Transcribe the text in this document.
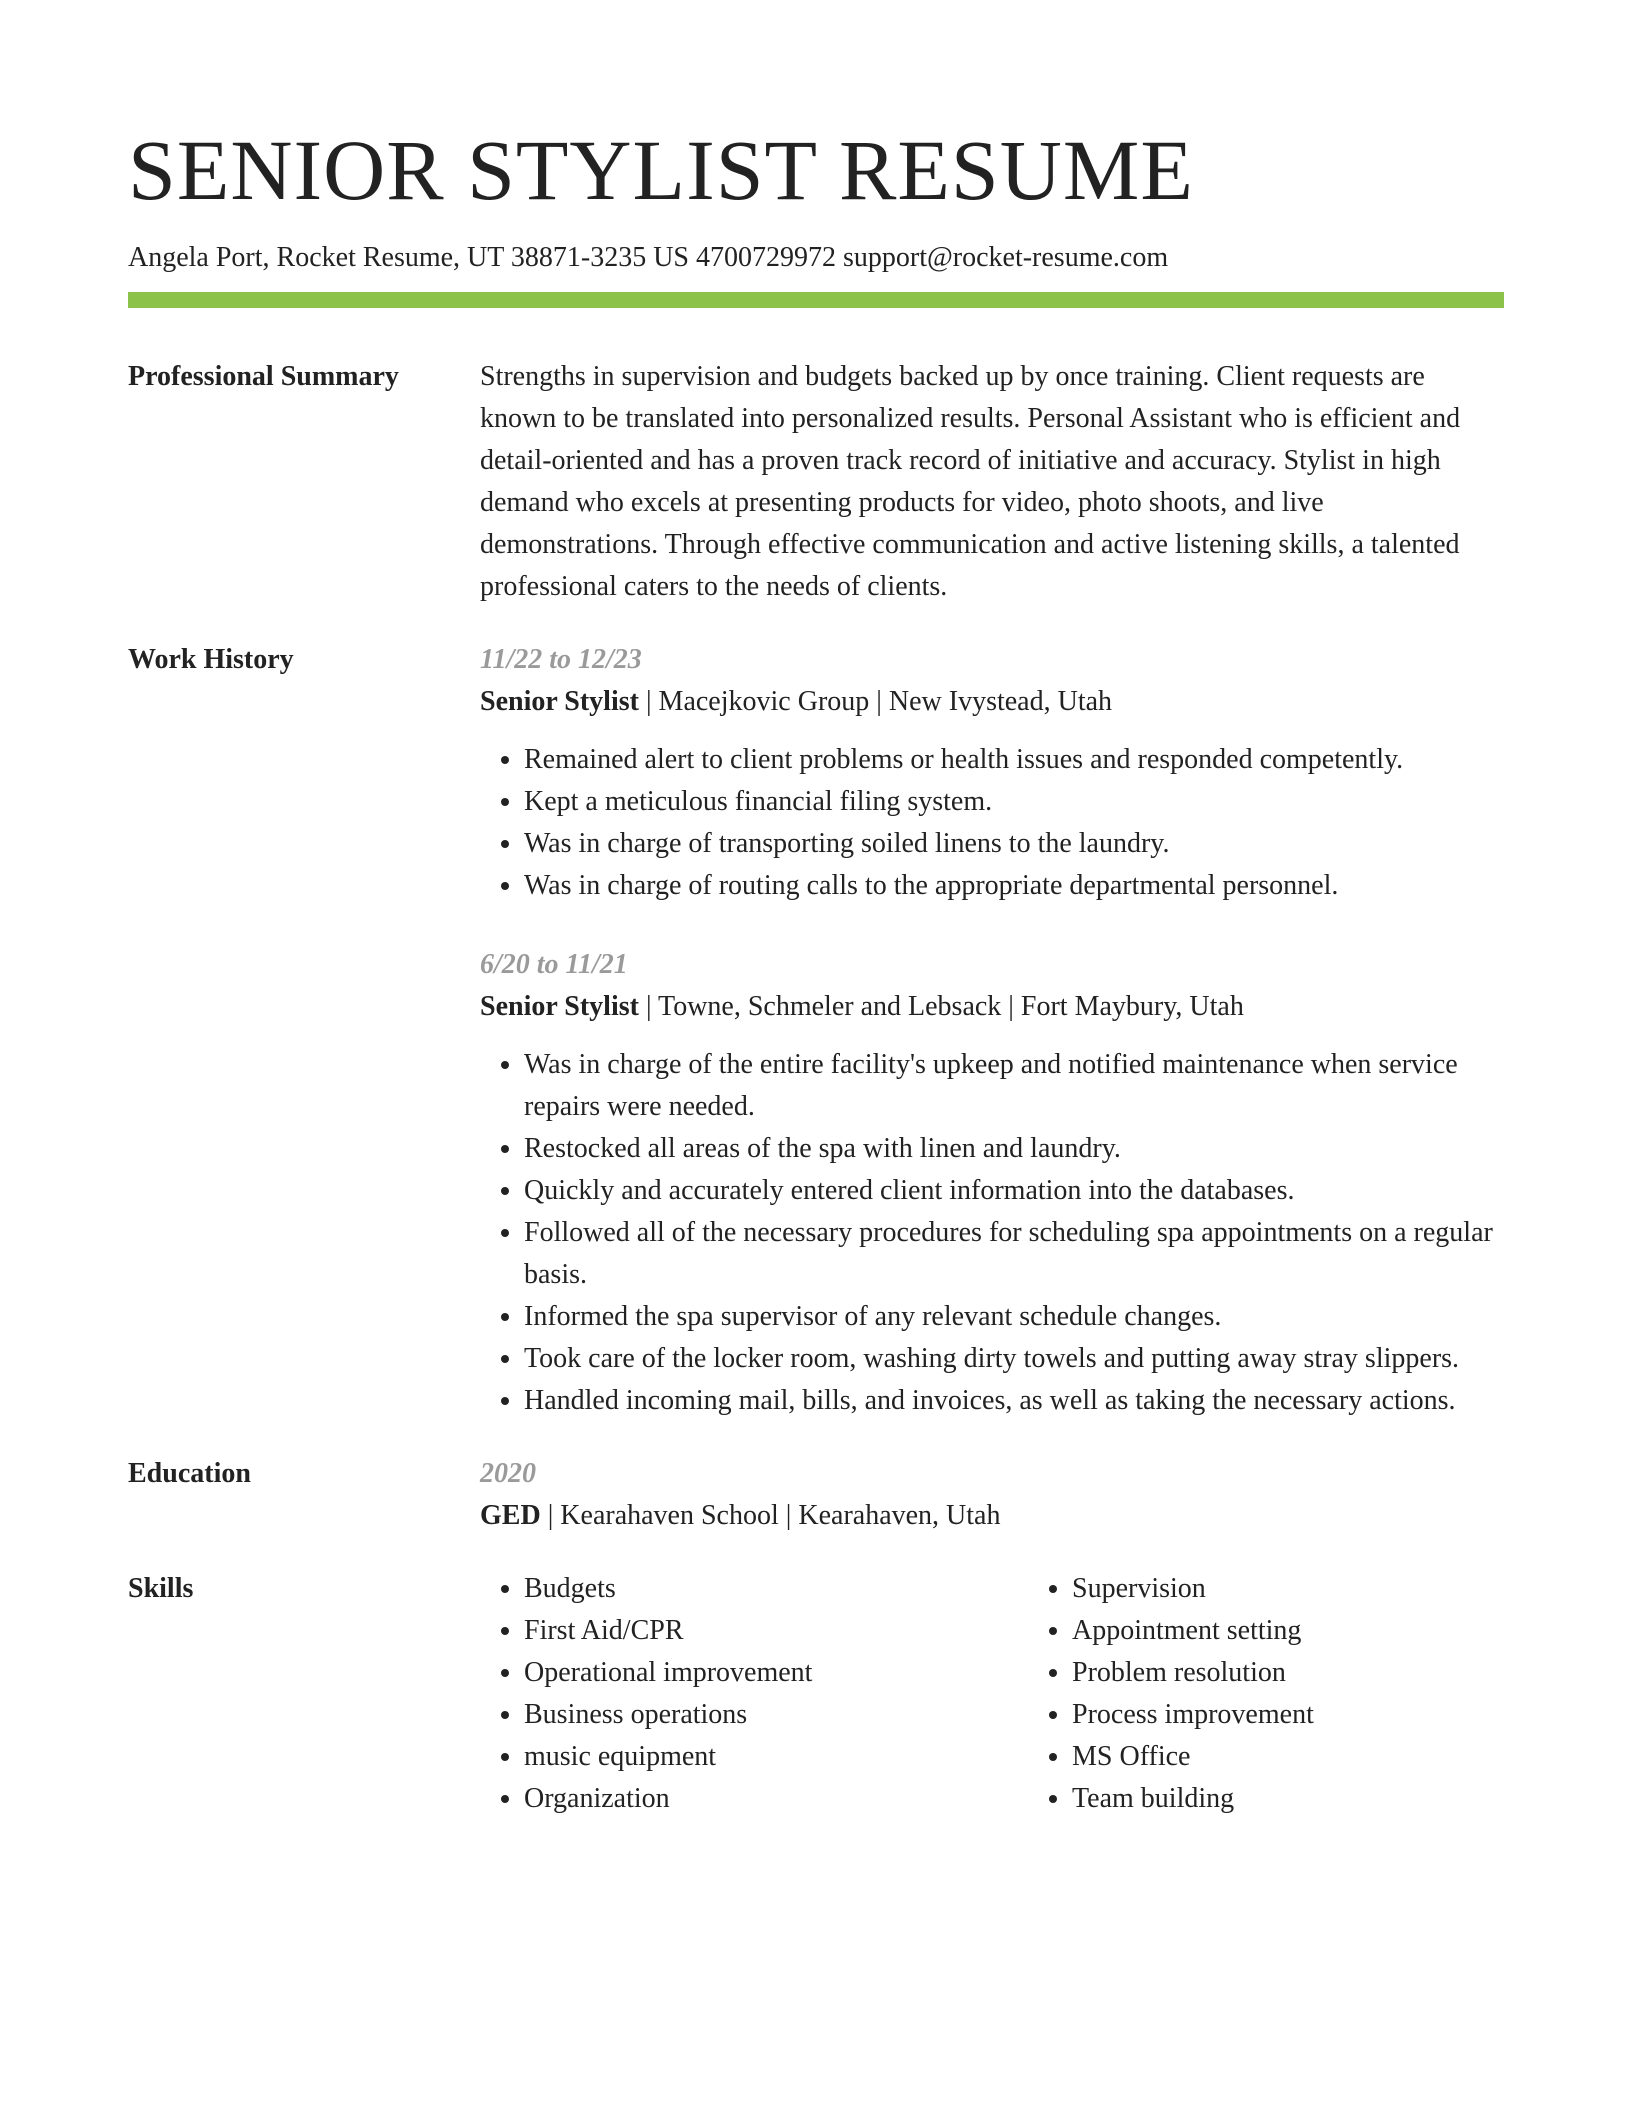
SENIOR STYLIST RESUME
Angela Port, Rocket Resume, UT 38871-3235 US 4700729972 support@rocket-resume.com
Professional Summary	Strengths in supervision and budgets backed up by once training. Client requests are known to be translated into personalized results. Personal Assistant who is efficient and detail-oriented and has a proven track record of initiative and accuracy. Stylist in high demand who excels at presenting products for video, photo shoots, and live demonstrations. Through effective communication and active listening skills, a talented professional caters to the needs of clients.
Work History	11/22 to 12/23
Senior Stylist | Macejkovic Group | New Ivystead, Utah
• Remained alert to client problems or health issues and responded competently.
• Kept a meticulous financial filing system.
• Was in charge of transporting soiled linens to the laundry.
• Was in charge of routing calls to the appropriate departmental personnel.
6/20 to 11/21
Senior Stylist | Towne, Schmeler and Lebsack | Fort Maybury, Utah
• Was in charge of the entire facility's upkeep and notified maintenance when service repairs were needed.
• Restocked all areas of the spa with linen and laundry.
• Quickly and accurately entered client information into the databases.
• Followed all of the necessary procedures for scheduling spa appointments on a regular basis.
• Informed the spa supervisor of any relevant schedule changes.
• Took care of the locker room, washing dirty towels and putting away stray slippers.
• Handled incoming mail, bills, and invoices, as well as taking the necessary actions.
Education	2020
GED | Kearahaven School | Kearahaven, Utah
Skills
•	Budgets
• First Aid/CPR
• Operational improvement
• Business operations
• music equipment
• Organization
• Supervision
• Appointment setting
• Problem resolution
• Process improvement
• MS Office
• Team building
